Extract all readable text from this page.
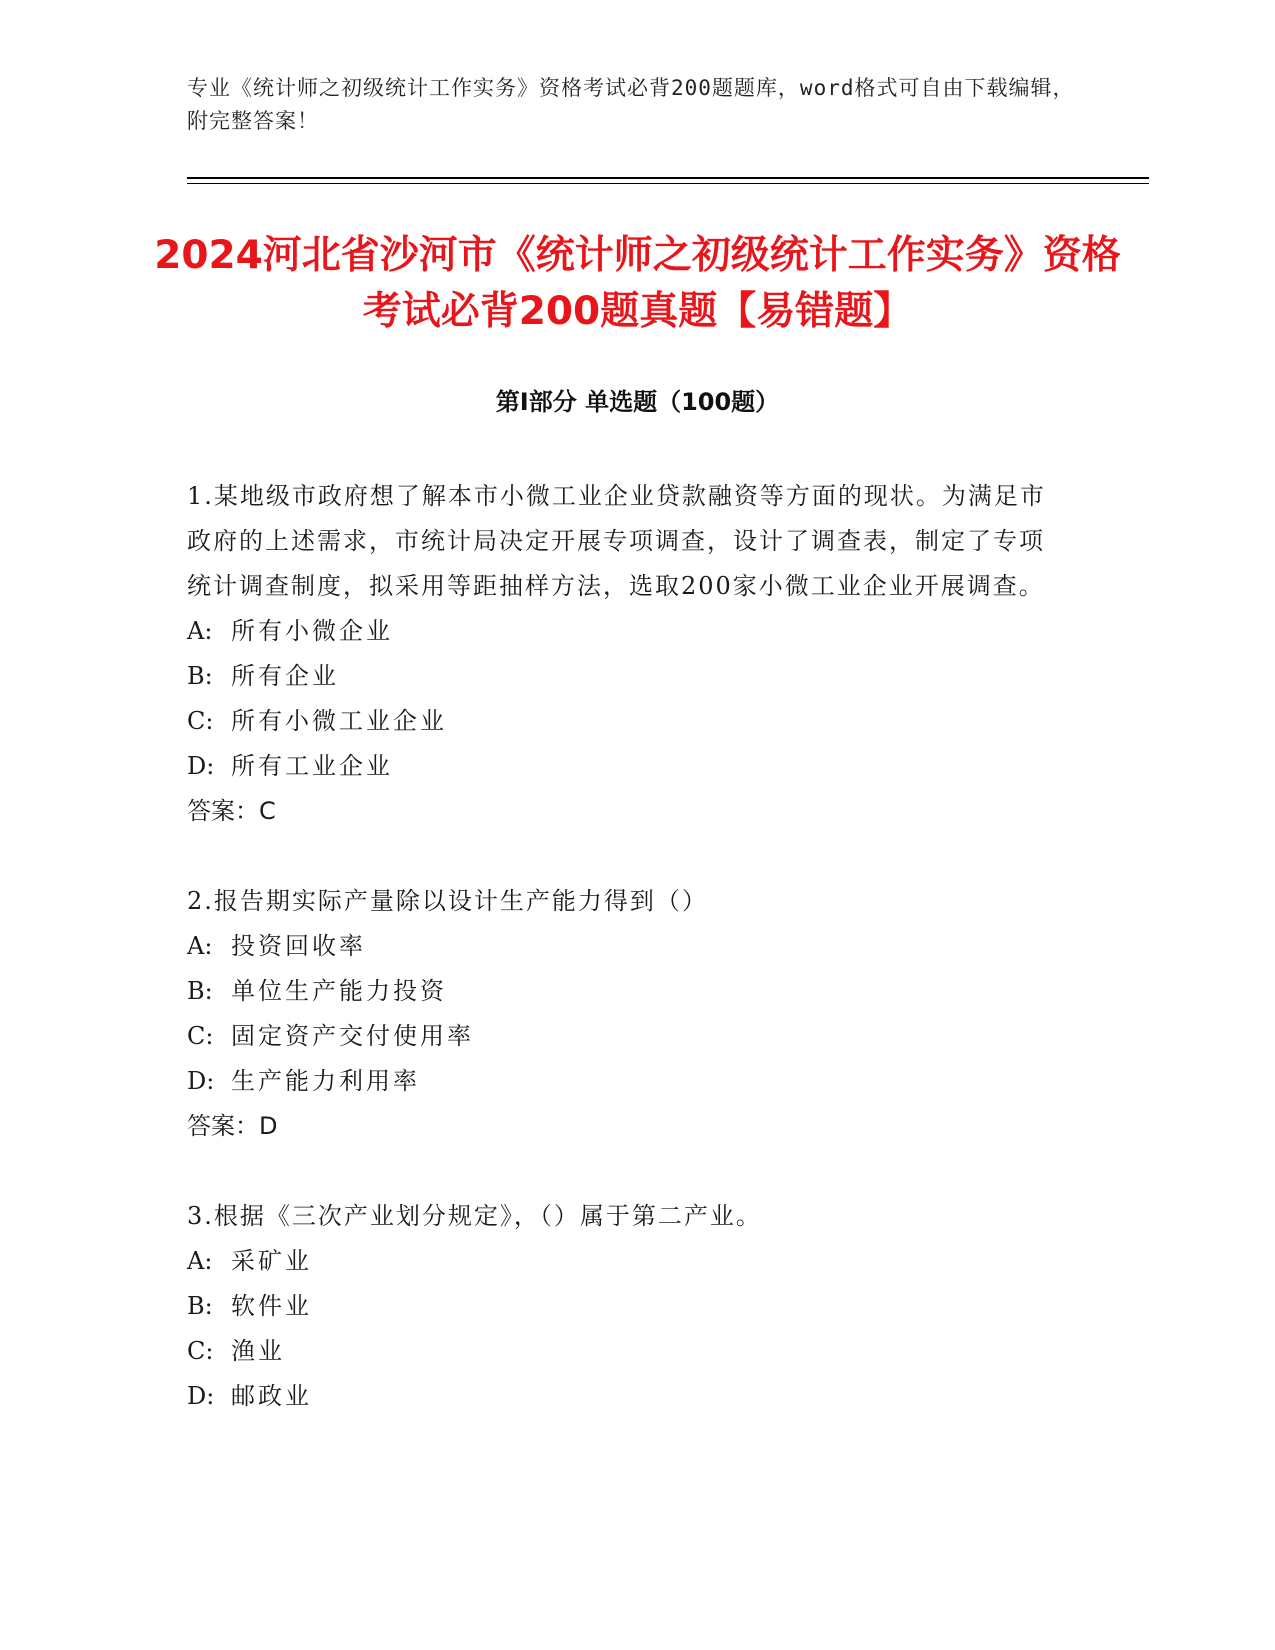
专业《统计师之初级统计工作实务》资格考试必背200题题库，word格式可自由下载编辑，附完整答案！
2024河北省沙河市《统计师之初级统计工作实务》资格考试必背200题真题【易错题】
第Ⅰ部分 单选题（100题）

1.某地级市政府想了解本市小微工业企业贷款融资等方面的现状。为满足市政府的上述需求，市统计局决定开展专项调查，设计了调查表，制定了专项统计调查制度，拟采用等距抽样方法，选取200家小微工业企业开展调查。

A: 所有小微企业

B: 所有企业

C: 所有小微工业企业

D: 所有工业企业

答案：C

2.报告期实际产量除以设计生产能力得到（）

A: 投资回收率

B: 单位生产能力投资

C: 固定资产交付使用率

D: 生产能力利用率

答案：D

3.根据《三次产业划分规定》，（）属于第二产业。

A: 采矿业

B: 软件业

C: 渔业

D: 邮政业
